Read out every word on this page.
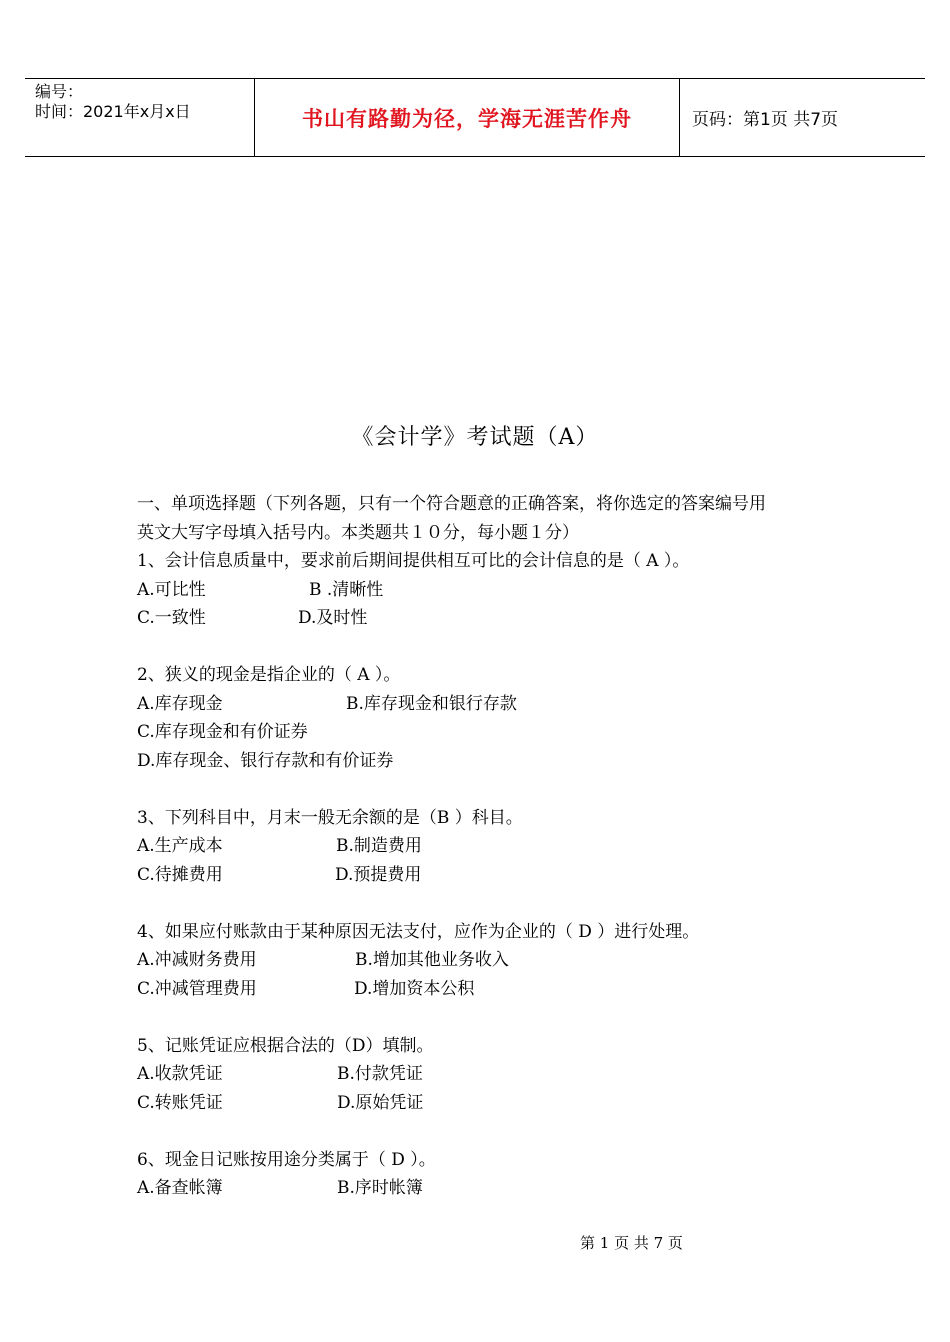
编号：
时间：2021年x月x日	书山有路勤为径，学海无涯苦作舟	页码：第1页 共7页
《会计学》考试题（A）
一、单项选择题（下列各题，只有一个符合题意的正确答案，将你选定的答案编号用
英文大写字母填入括号内。本类题共１０分，每小题１分）
1、会计信息质量中，要求前后期间提供相互可比的会计信息的是（ A ）。
A.可比性	B .清晰性
C.一致性	D.及时性
2、狭义的现金是指企业的（ A ）。
A.库存现金	B.库存现金和银行存款
C.库存现金和有价证券
D.库存现金、银行存款和有价证券
3、下列科目中，月末一般无余额的是（B ）科目。
A.生产成本	B.制造费用
C.待摊费用	D.预提费用
4、如果应付账款由于某种原因无法支付，应作为企业的（ D ）进行处理。
A.冲减财务费用	B.增加其他业务收入
C.冲减管理费用	D.增加资本公积
5、记账凭证应根据合法的（D）填制。
A.收款凭证	B.付款凭证
C.转账凭证	D.原始凭证
6、现金日记账按用途分类属于（ D ）。
A.备查帐簿	B.序时帐簿
第 1 页 共 7 页
